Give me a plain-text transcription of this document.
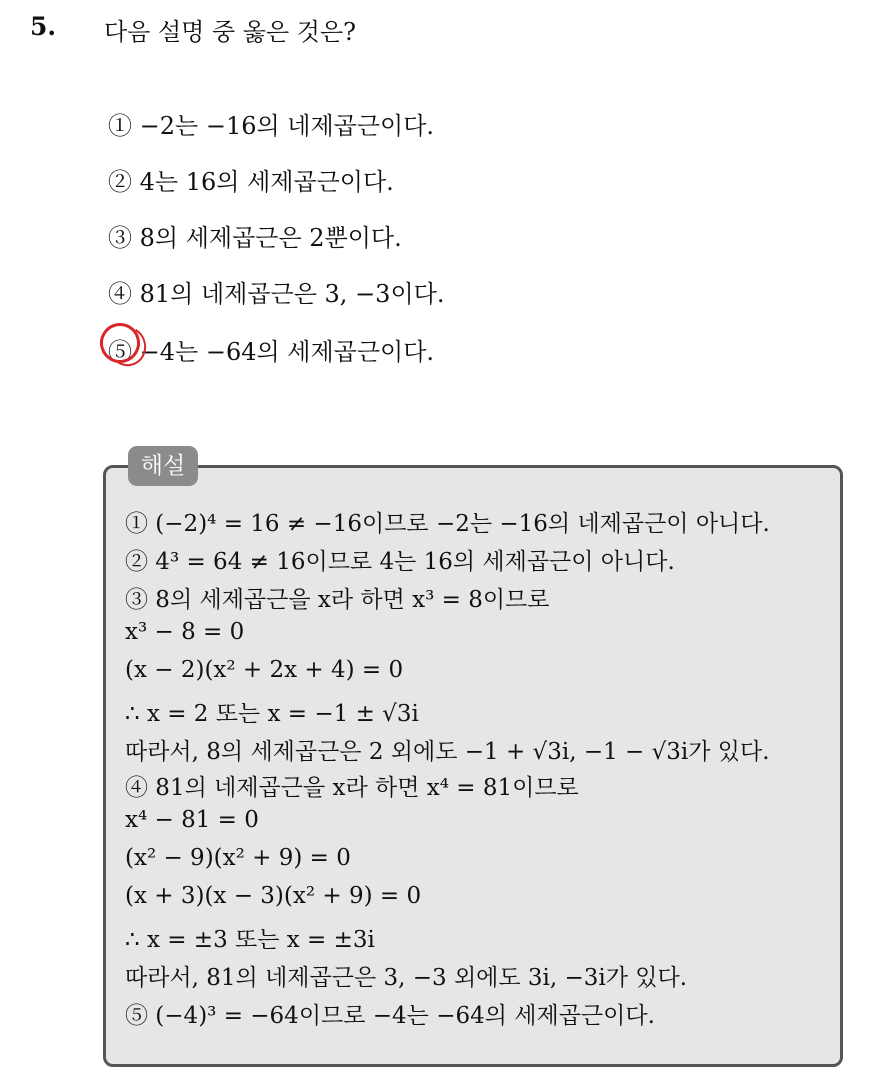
5. 다음 설명 중 옳은 것은?
① −2는 −16의 네제곱근이다.
② 4는 16의 세제곱근이다.
③ 8의 세제곱근은 2뿐이다.
④ 81의 네제곱근은 3, −3이다.
⑤ −4는 −64의 세제곱근이다.
해설
① (−2)⁴ = 16 ≠ −16이므로 −2는 −16의 네제곱근이 아니다.
② 4³ = 64 ≠ 16이므로 4는 16의 세제곱근이 아니다.
③ 8의 세제곱근을 x라 하면 x³ = 8이므로
x³ − 8 = 0
(x − 2)(x² + 2x + 4) = 0
∴ x = 2 또는 x = −1 ± √3i
따라서, 8의 세제곱근은 2 외에도 −1 + √3i, −1 − √3i가 있다.
④ 81의 네제곱근을 x라 하면 x⁴ = 81이므로
x⁴ − 81 = 0
(x² − 9)(x² + 9) = 0
(x + 3)(x − 3)(x² + 9) = 0
∴ x = ±3 또는 x = ±3i
따라서, 81의 네제곱근은 3, −3 외에도 3i, −3i가 있다.
⑤ (−4)³ = −64이므로 −4는 −64의 세제곱근이다.
